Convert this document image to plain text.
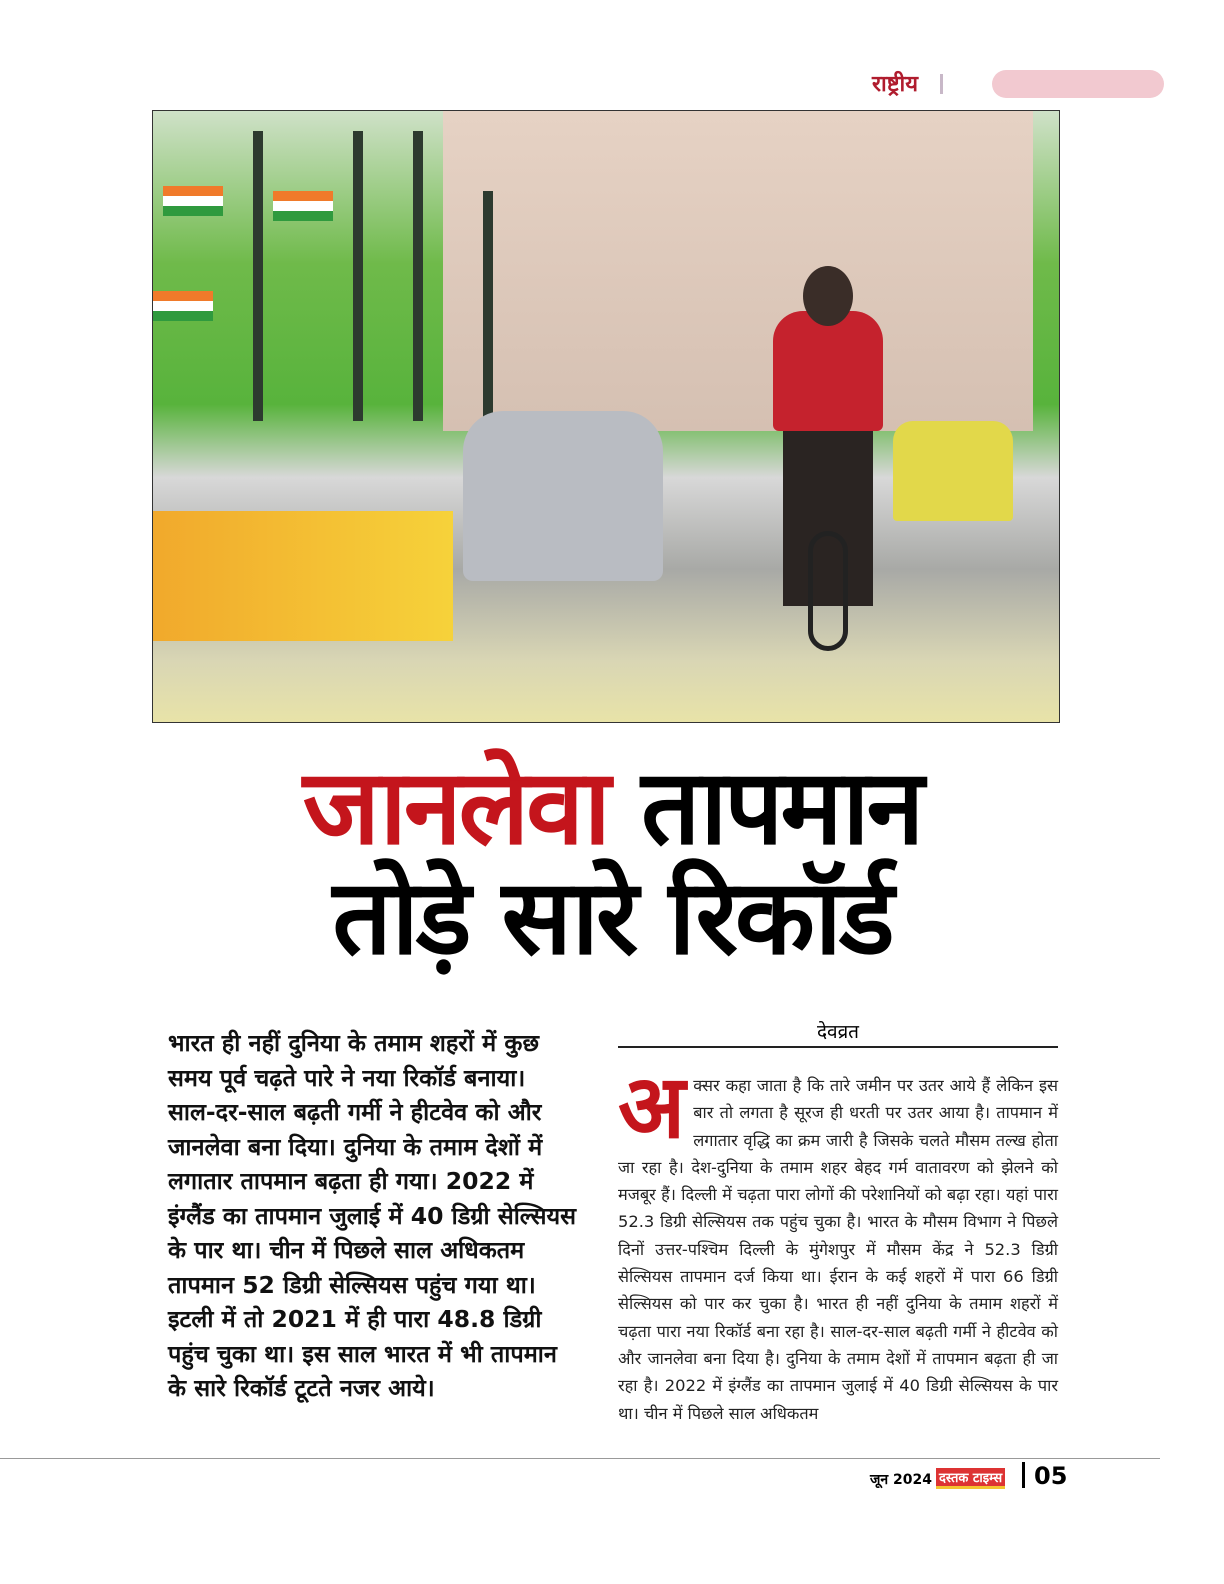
राष्ट्रीय
जानलेवा तापमान
तोड़े सारे रिकॉर्ड
भारत ही नहीं दुनिया के तमाम शहरों में कुछ समय पूर्व चढ़ते पारे ने नया रिकॉर्ड बनाया। साल-दर-साल बढ़ती गर्मी ने हीटवेव को और जानलेवा बना दिया। दुनिया के तमाम देशों में लगातार तापमान बढ़ता ही गया। 2022 में इंग्लैंड का तापमान जुलाई में 40 डिग्री सेल्सियस के पार था। चीन में पिछले साल अधिकतम तापमान 52 डिग्री सेल्सियस पहुंच गया था। इटली में तो 2021 में ही पारा 48.8 डिग्री पहुंच चुका था। इस साल भारत में भी तापमान के सारे रिकॉर्ड टूटते नजर आये।
देवव्रत
अक्सर कहा जाता है कि तारे जमीन पर उतर आये हैं लेकिन इस बार तो लगता है सूरज ही धरती पर उतर आया है। तापमान में लगातार वृद्धि का क्रम जारी है जिसके चलते मौसम तल्ख होता जा रहा है। देश-दुनिया के तमाम शहर बेहद गर्म वातावरण को झेलने को मजबूर हैं। दिल्ली में चढ़ता पारा लोगों की परेशानियों को बढ़ा रहा। यहां पारा 52.3 डिग्री सेल्सियस तक पहुंच चुका है। भारत के मौसम विभाग ने पिछले दिनों उत्तर-पश्चिम दिल्ली के मुंगेशपुर में मौसम केंद्र ने 52.3 डिग्री सेल्सियस तापमान दर्ज किया था। ईरान के कई शहरों में पारा 66 डिग्री सेल्सियस को पार कर चुका है। भारत ही नहीं दुनिया के तमाम शहरों में चढ़ता पारा नया रिकॉर्ड बना रहा है। साल-दर-साल बढ़ती गर्मी ने हीटवेव को और जानलेवा बना दिया है। दुनिया के तमाम देशों में तापमान बढ़ता ही जा रहा है। 2022 में इंग्लैंड का तापमान जुलाई में 40 डिग्री सेल्सियस के पार था। चीन में पिछले साल अधिकतम
जून 2024 दस्तक टाइम्स 05
